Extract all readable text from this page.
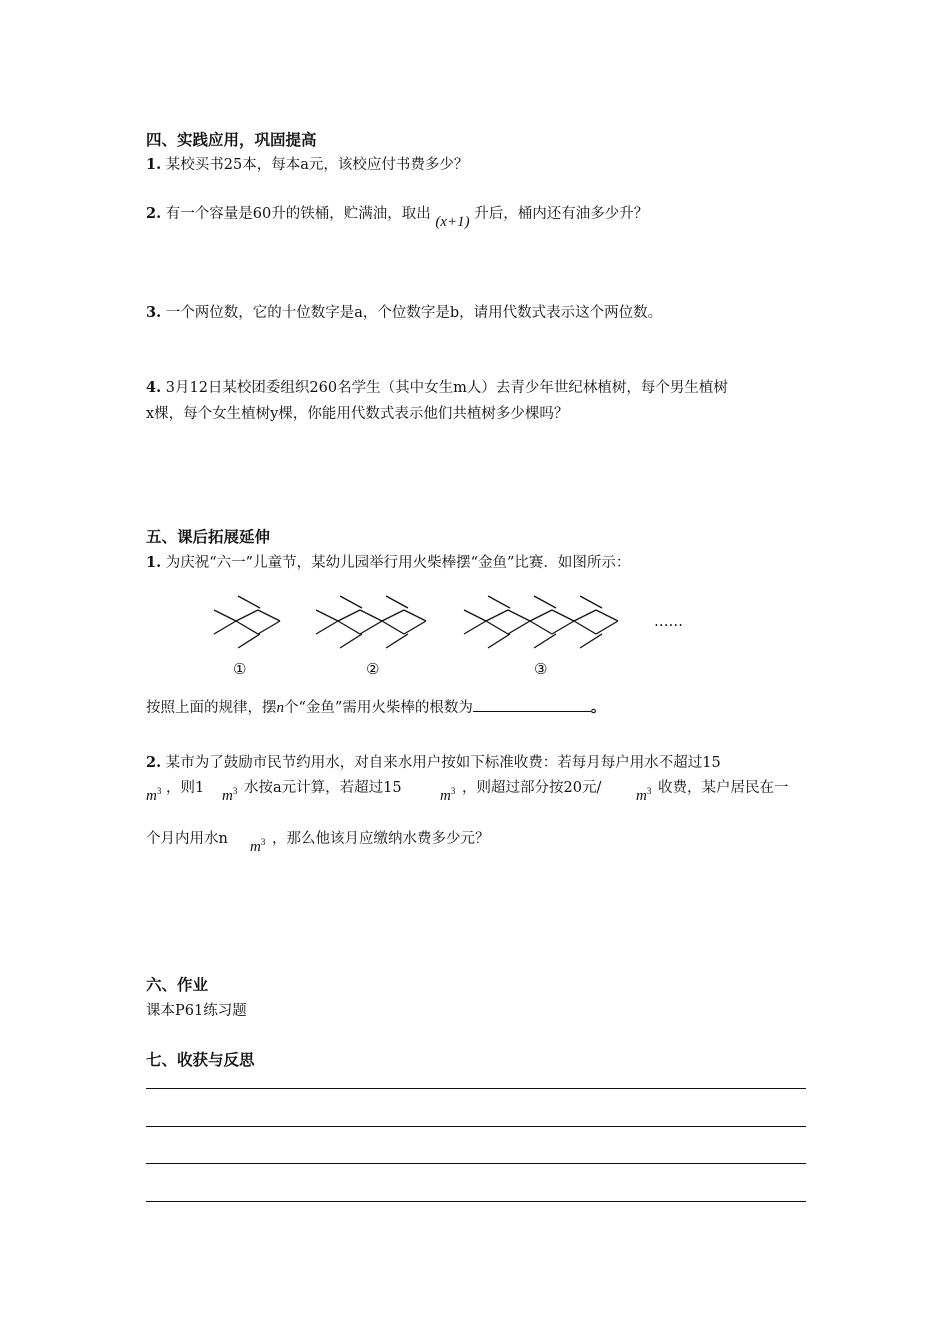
四、实践应用，巩固提高
1. 某校买书25本，每本a元，该校应付书费多少？
2. 有一个容量是60升的铁桶，贮满油，取出 (x+1) 升后，桶内还有油多少升？
3. 一个两位数，它的十位数字是a，个位数字是b，请用代数式表示这个两位数。
4. 3月12日某校团委组织260名学生（其中女生m人）去青少年世纪林植树，每个男生植树
x棵，每个女生植树y棵，你能用代数式表示他们共植树多少棵吗？
五、课后拓展延伸
1. 为庆祝“六一”儿童节，某幼儿园举行用火柴棒摆“金鱼”比赛．如图所示：
……
①	②	③
按照上面的规律，摆n个“金鱼”需用火柴棒的根数为	。
2. 某市为了鼓励市民节约用水，对自来水用户按如下标准收费：若每月每户用水不超过15
$m^3$ ，则1 $m^3$ 水按a元计算，若超过15	$m^3$ ，则超过部分按20元/ $m^3$ 收费，某户居民在一
个月内用水n $m^3$ ，那么他该月应缴纳水费多少元？
六、作业
课本P61练习题
七、收获与反思
